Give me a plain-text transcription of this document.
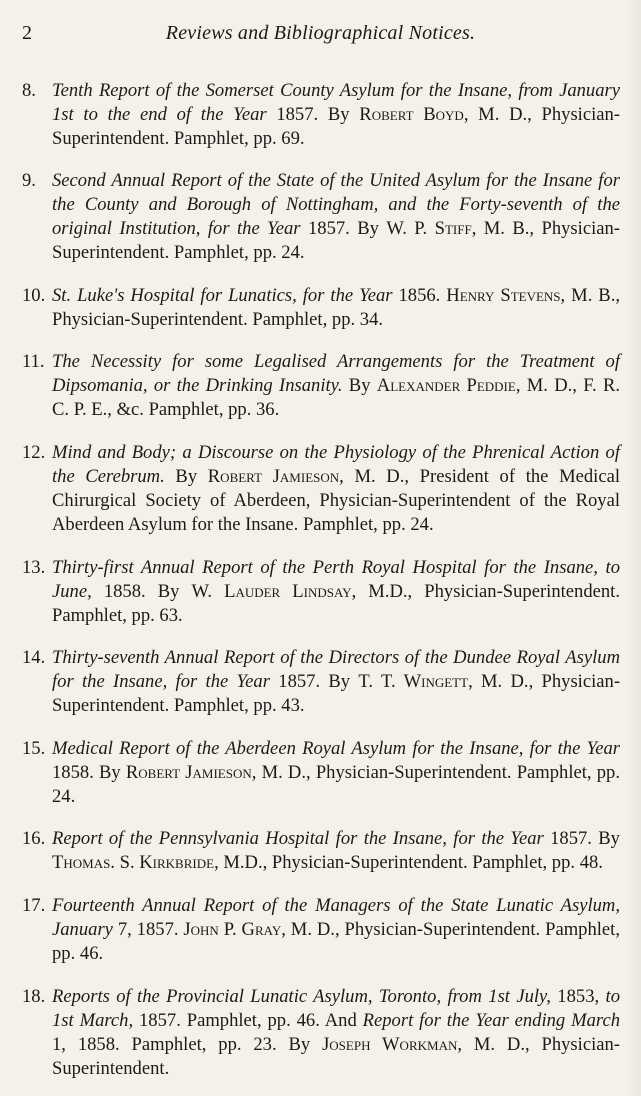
2	Reviews and Bibliographical Notices.

8. Tenth Report of the Somerset County Asylum for the Insane, from January 1st to the end of the Year 1857. By Robert Boyd, M. D., Physician-Superintendent. Pamphlet, pp. 69.

9. Second Annual Report of the State of the United Asylum for the Insane for the County and Borough of Nottingham, and the Forty-seventh of the original Institution, for the Year 1857. By W. P. Stiff, M. B., Physician-Superintendent. Pamphlet, pp. 24.

10. St. Luke's Hospital for Lunatics, for the Year 1856. Henry Stevens, M. B., Physician-Superintendent. Pamphlet, pp. 34.

11. The Necessity for some Legalised Arrangements for the Treatment of Dipsomania, or the Drinking Insanity. By Alexander Peddie, M. D., F. R. C. P. E., &c. Pamphlet, pp. 36.

12. Mind and Body; a Discourse on the Physiology of the Phrenical Action of the Cerebrum. By Robert Jamieson, M. D., President of the Medical Chirurgical Society of Aberdeen, Physician-Superintendent of the Royal Aberdeen Asylum for the Insane. Pamphlet, pp. 24.

13. Thirty-first Annual Report of the Perth Royal Hospital for the Insane, to June, 1858. By W. Lauder Lindsay, M.D., Physician-Superintendent. Pamphlet, pp. 63.

14. Thirty-seventh Annual Report of the Directors of the Dundee Royal Asylum for the Insane, for the Year 1857. By T. T. Wingett, M. D., Physician-Superintendent. Pamphlet, pp. 43.

15. Medical Report of the Aberdeen Royal Asylum for the Insane, for the Year 1858. By Robert Jamieson, M. D., Physician-Superintendent. Pamphlet, pp. 24.

16. Report of the Pennsylvania Hospital for the Insane, for the Year 1857. By Thomas. S. Kirkbride, M.D., Physician-Superintendent. Pamphlet, pp. 48.

17. Fourteenth Annual Report of the Managers of the State Lunatic Asylum, January 7, 1857. John P. Gray, M. D., Physician-Superintendent. Pamphlet, pp. 46.

18. Reports of the Provincial Lunatic Asylum, Toronto, from 1st July, 1853, to 1st March, 1857. Pamphlet, pp. 46. And Report for the Year ending March 1, 1858. Pamphlet, pp. 23. By Joseph Workman, M. D., Physician-Superintendent.
